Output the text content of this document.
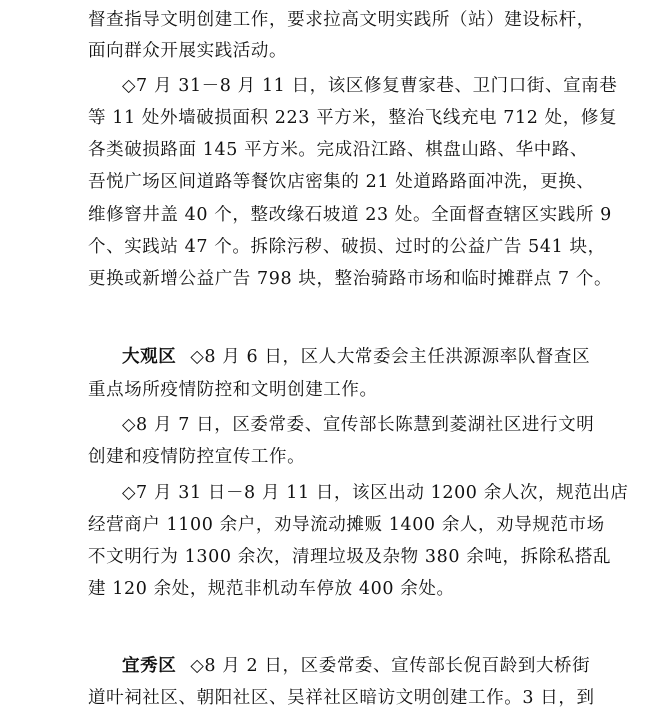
督查指导文明创建工作，要求拉高文明实践所（站）建设标杆，
面向群众开展实践活动。
◇7 月 31－8 月 11 日，该区修复曹家巷、卫门口街、宣南巷
等 11 处外墙破损面积 223 平方米，整治飞线充电 712 处，修复
各类破损路面 145 平方米。完成沿江路、棋盘山路、华中路、
吾悦广场区间道路等餐饮店密集的 21 处道路路面冲洗，更换、
维修窨井盖 40 个，整改缘石坡道 23 处。全面督查辖区实践所 9
个、实践站 47 个。拆除污秽、破损、过时的公益广告 541 块，
更换或新增公益广告 798 块，整治骑路市场和临时摊群点 7 个。
大观区 ◇8 月 6 日，区人大常委会主任洪源源率队督查区
重点场所疫情防控和文明创建工作。
◇8 月 7 日，区委常委、宣传部长陈慧到菱湖社区进行文明
创建和疫情防控宣传工作。
◇7 月 31 日－8 月 11 日，该区出动 1200 余人次，规范出店
经营商户 1100 余户，劝导流动摊贩 1400 余人，劝导规范市场
不文明行为 1300 余次，清理垃圾及杂物 380 余吨，拆除私搭乱
建 120 余处，规范非机动车停放 400 余处。
宜秀区 ◇8 月 2 日，区委常委、宣传部长倪百龄到大桥街
道叶祠社区、朝阳社区、吴祥社区暗访文明创建工作。3 日，到
